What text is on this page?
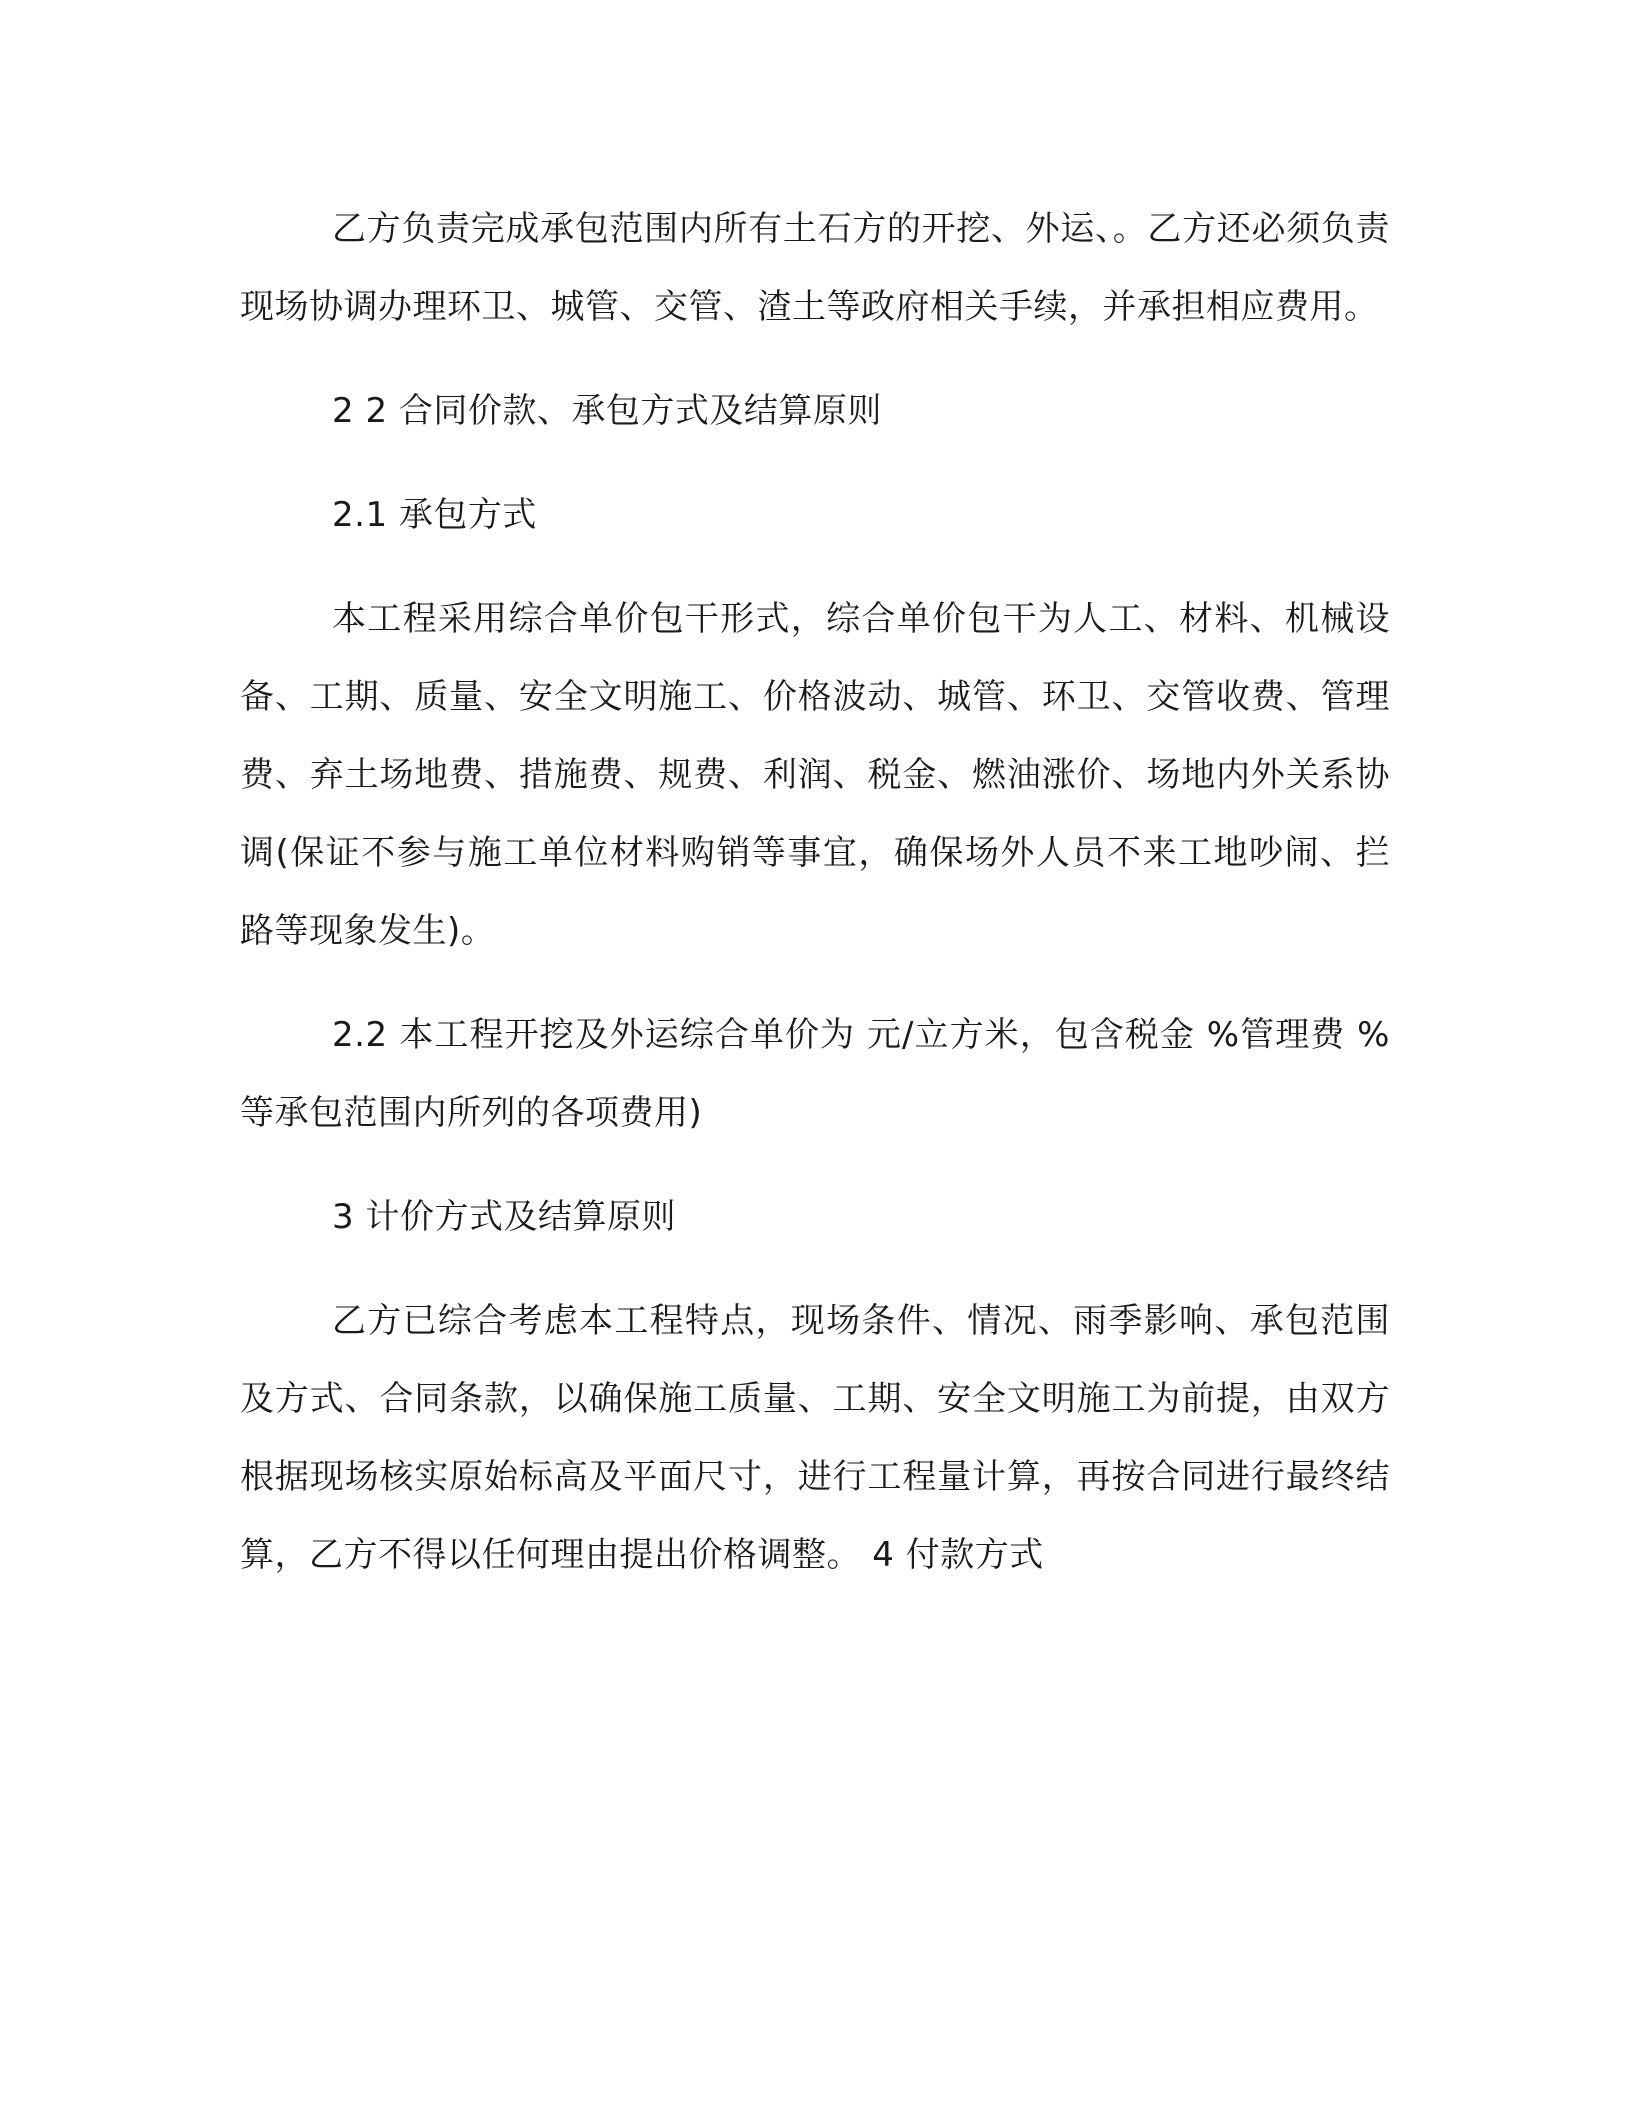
乙方负责完成承包范围内所有土石方的开挖、外运、。乙方还必须负责现场协调办理环卫、城管、交管、渣土等政府相关手续，并承担相应费用。

2 2 合同价款、承包方式及结算原则

2.1 承包方式

本工程采用综合单价包干形式，综合单价包干为人工、材料、机械设备、工期、质量、安全文明施工、价格波动、城管、环卫、交管收费、管理费、弃土场地费、措施费、规费、利润、税金、燃油涨价、场地内外关系协调(保证不参与施工单位材料购销等事宜，确保场外人员不来工地吵闹、拦路等现象发生)。

2.2 本工程开挖及外运综合单价为 元/立方米，包含税金 %管理费 %等承包范围内所列的各项费用)

3 计价方式及结算原则

乙方已综合考虑本工程特点，现场条件、情况、雨季影响、承包范围及方式、合同条款，以确保施工质量、工期、安全文明施工为前提，由双方根据现场核实原始标高及平面尺寸，进行工程量计算，再按合同进行最终结算，乙方不得以任何理由提出价格调整。 4 付款方式
